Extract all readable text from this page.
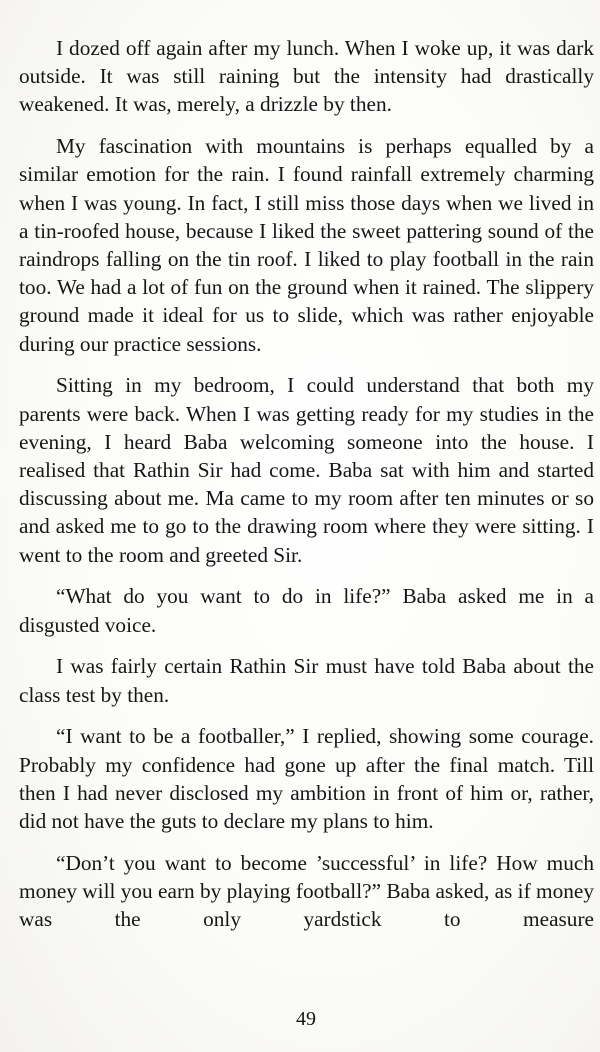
I dozed off again after my lunch. When I woke up, it was dark outside. It was still raining but the intensity had drastically weakened. It was, merely, a drizzle by then.

My fascination with mountains is perhaps equalled by a similar emotion for the rain. I found rainfall extremely charming when I was young. In fact, I still miss those days when we lived in a tin-roofed house, because I liked the sweet pattering sound of the raindrops falling on the tin roof. I liked to play football in the rain too. We had a lot of fun on the ground when it rained. The slippery ground made it ideal for us to slide, which was rather enjoyable during our practice sessions.

Sitting in my bedroom, I could understand that both my parents were back. When I was getting ready for my studies in the evening, I heard Baba welcoming someone into the house. I realised that Rathin Sir had come. Baba sat with him and started discussing about me. Ma came to my room after ten minutes or so and asked me to go to the drawing room where they were sitting. I went to the room and greeted Sir.

“What do you want to do in life?” Baba asked me in a disgusted voice.

I was fairly certain Rathin Sir must have told Baba about the class test by then.

“I want to be a footballer,” I replied, showing some courage. Probably my confidence had gone up after the final match. Till then I had never disclosed my ambition in front of him or, rather, did not have the guts to declare my plans to him.

“Don’t you want to become ’successful’ in life? How much money will you earn by playing football?” Baba asked, as if money was the only yardstick to measure

49
